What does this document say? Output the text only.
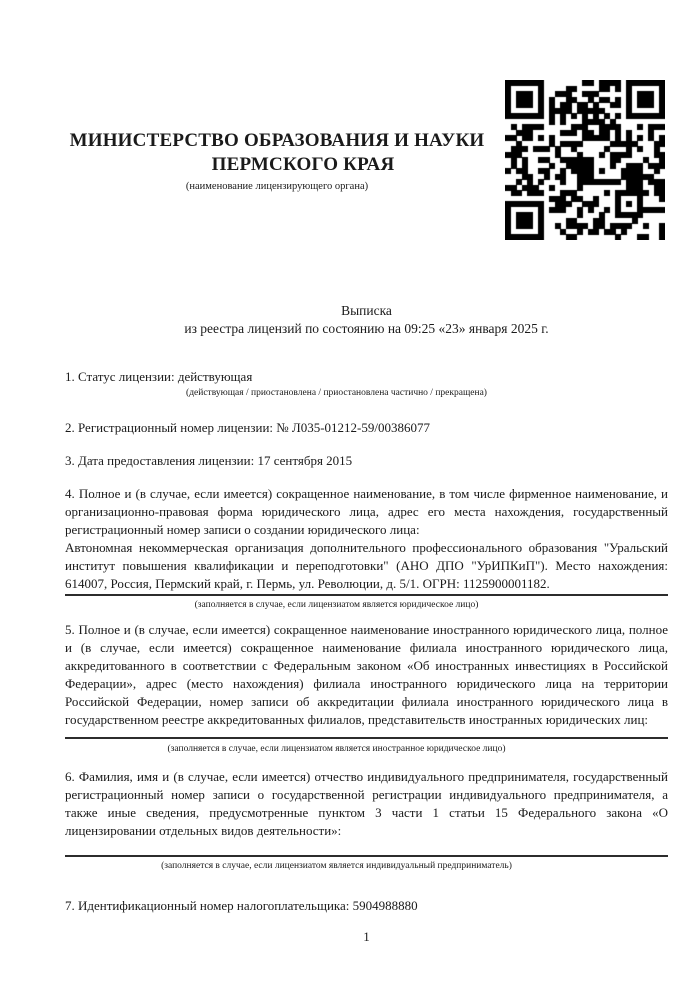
МИНИСТЕРСТВО ОБРАЗОВАНИЯ И НАУКИ
ПЕРМСКОГО КРАЯ
(наименование лицензирующего органа)
Выписка
из реестра лицензий по состоянию на 09:25 «23» января 2025 г.
1. Статус лицензии: действующая
(действующая / приостановлена / приостановлена частично / прекращена)
2. Регистрационный номер лицензии: № Л035-01212-59/00386077
3. Дата предоставления лицензии: 17 сентября 2015

4. Полное и (в случае, если имеется) сокращенное наименование, в том числе фирменное наименование, и организационно-правовая форма юридического лица, адрес его места нахождения, государственный регистрационный номер записи о создании юридического лица:

Автономная некоммерческая организация дополнительного профессионального образования "Уральский институт повышения квалификации и переподготовки" (АНО ДПО "УрИПКиП"). Место нахождения: 614007, Россия, Пермский край, г. Пермь, ул. Революции, д. 5/1. ОГРН: 1125900001182.

(заполняется в случае, если лицензиатом является юридическое лицо)
5. Полное и (в случае, если имеется) сокращенное наименование иностранного юридического лица, полное и (в случае, если имеется) сокращенное наименование филиала иностранного юридического лица, аккредитованного в соответствии с Федеральным законом «Об иностранных инвестициях в Российской Федерации», адрес (место нахождения) филиала иностранного юридического лица на территории Российской Федерации, номер записи об аккредитации филиала иностранного юридического лица в государственном реестре аккредитованных филиалов, представительств иностранных юридических лиц:
(заполняется в случае, если лицензиатом является иностранное юридическое лицо)
6. Фамилия, имя и (в случае, если имеется) отчество индивидуального предпринимателя, государственный регистрационный номер записи о государственной регистрации индивидуального предпринимателя, а также иные сведения, предусмотренные пунктом 3 части 1 статьи 15 Федерального закона «О лицензировании отдельных видов деятельности»:
(заполняется в случае, если лицензиатом является индивидуальный предприниматель)
7. Идентификационный номер налогоплательщика: 5904988880
1
